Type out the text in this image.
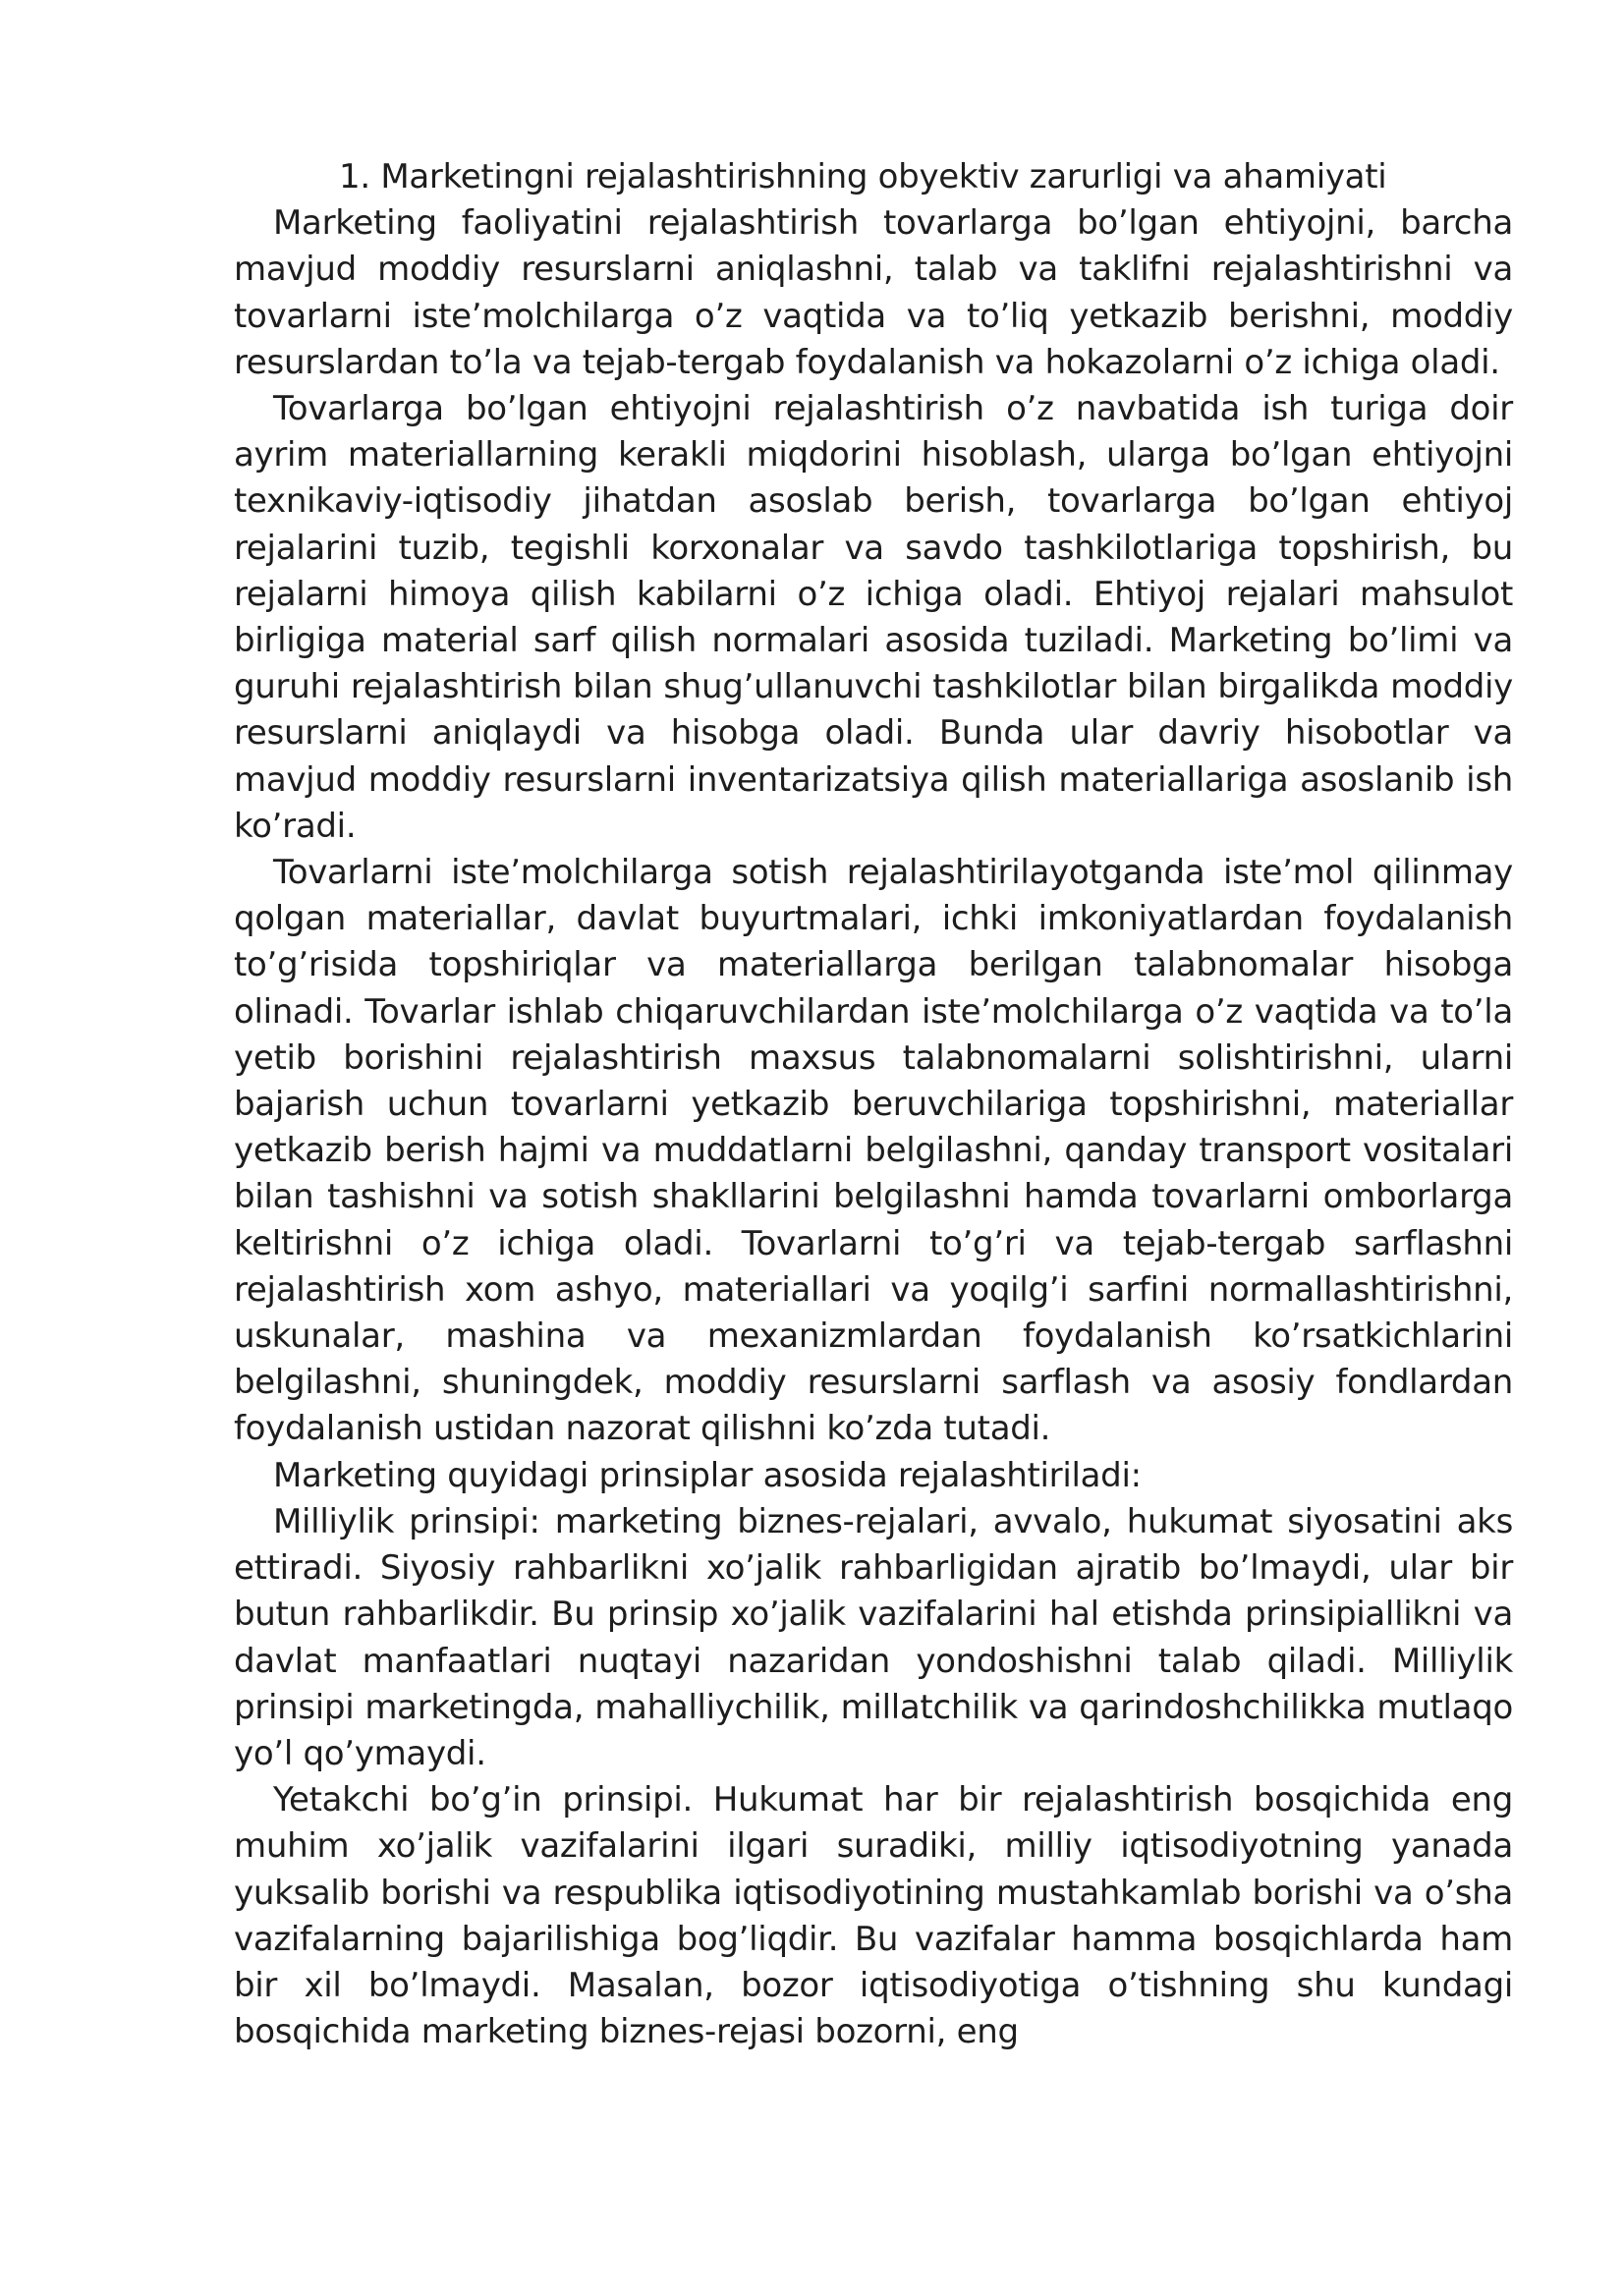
1. Marketingni rejalashtirishning obyektiv zarurligi va ahamiyati

Marketing faoliyatini rejalashtirish tovarlarga bo’lgan ehtiyojni, barcha mavjud moddiy resurslarni aniqlashni, talab va taklifni rejalashtirishni va tovarlarni iste’molchilarga o’z vaqtida va to’liq yetkazib berishni, moddiy resurslardan to’la va tejab-tergab foydalanish va hokazolarni o’z ichiga oladi.

Tovarlarga bo’lgan ehtiyojni rejalashtirish o’z navbatida ish turiga doir ayrim materiallarning kerakli miqdorini hisoblash, ularga bo’lgan ehtiyojni texnikaviy-iqtisodiy jihatdan asoslab berish, tovarlarga bo’lgan ehtiyoj rejalarini tuzib, tegishli korxonalar va savdo tashkilotlariga topshirish, bu rejalarni himoya qilish kabilarni o’z ichiga oladi. Ehtiyoj rejalari mahsulot birligiga material sarf qilish normalari asosida tuziladi. Marketing bo’limi va guruhi rejalashtirish bilan shug’ullanuvchi tashkilotlar bilan birgalikda moddiy resurslarni aniqlaydi va hisobga oladi. Bunda ular davriy hisobotlar va mavjud moddiy resurslarni inventarizatsiya qilish materiallariga asoslanib ish ko’radi.

Tovarlarni iste’molchilarga sotish rejalashtirilayotganda iste’mol qilinmay qolgan materiallar, davlat buyurtmalari, ichki imkoniyatlardan foydalanish to’g’risida topshiriqlar va materiallarga berilgan talabnomalar hisobga olinadi. Tovarlar ishlab chiqaruvchilardan iste’molchilarga o’z vaqtida va to’la yetib borishini rejalashtirish maxsus talabnomalarni solishtirishni, ularni bajarish uchun tovarlarni yetkazib beruvchilariga topshirishni, materiallar yetkazib berish hajmi va muddatlarni belgilashni, qanday transport vositalari bilan tashishni va sotish shakllarini belgilashni hamda tovarlarni omborlarga keltirishni o’z ichiga oladi. Tovarlarni to’g’ri va tejab-tergab sarflashni rejalashtirish xom ashyo, materiallari va yoqilg’i sarfini normallashtirishni, uskunalar, mashina va mexanizmlardan foydalanish ko’rsatkichlarini belgilashni, shuningdek, moddiy resurslarni sarflash va asosiy fondlardan foydalanish ustidan nazorat qilishni ko’zda tutadi.

Marketing quyidagi prinsiplar asosida rejalashtiriladi:

Milliylik prinsipi: marketing biznes-rejalari, avvalo, hukumat siyosatini aks ettiradi. Siyosiy rahbarlikni xo’jalik rahbarligidan ajratib bo’lmaydi, ular bir butun rahbarlikdir. Bu prinsip xo’jalik vazifalarini hal etishda prinsipiallikni va davlat manfaatlari nuqtayi nazaridan yondoshishni talab qiladi. Milliylik prinsipi marketingda, mahalliychilik, millatchilik va qarindoshchilikka mutlaqo yo’l qo’ymaydi.

Yetakchi bo’g’in prinsipi. Hukumat har bir rejalashtirish bosqichida eng muhim xo’jalik vazifalarini ilgari suradiki, milliy iqtisodiyotning yanada yuksalib borishi va respublika iqtisodiyotining mustahkamlab borishi va o’sha vazifalarning bajarilishiga bog’liqdir. Bu vazifalar hamma bosqichlarda ham bir xil bo’lmaydi. Masalan, bozor iqtisodiyotiga o’tishning shu kundagi bosqichida marketing biznes-rejasi bozorni, eng
